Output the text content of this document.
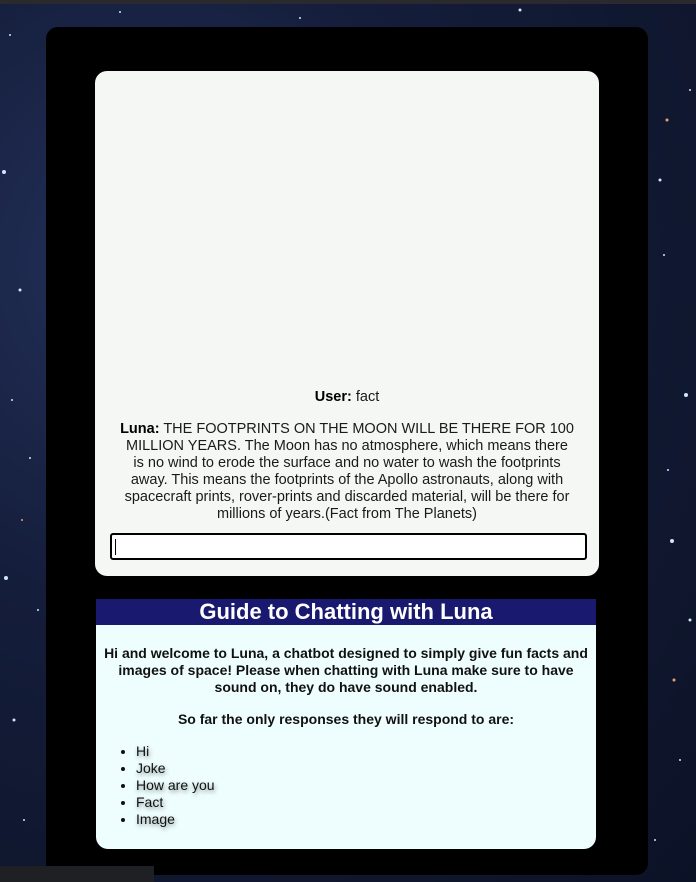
User: fact

Luna: THE FOOTPRINTS ON THE MOON WILL BE THERE FOR 100 MILLION YEARS. The Moon has no atmosphere, which means there is no wind to erode the surface and no water to wash the footprints away. This means the footprints of the Apollo astronauts, along with spacecraft prints, rover-prints and discarded material, will be there for millions of years.(Fact from The Planets)

Guide to Chatting with Luna

Hi and welcome to Luna, a chatbot designed to simply give fun facts and images of space! Please when chatting with Luna make sure to have sound on, they do have sound enabled.

So far the only responses they will respond to are:

• Hi
• Joke
• How are you
• Fact
• Image
